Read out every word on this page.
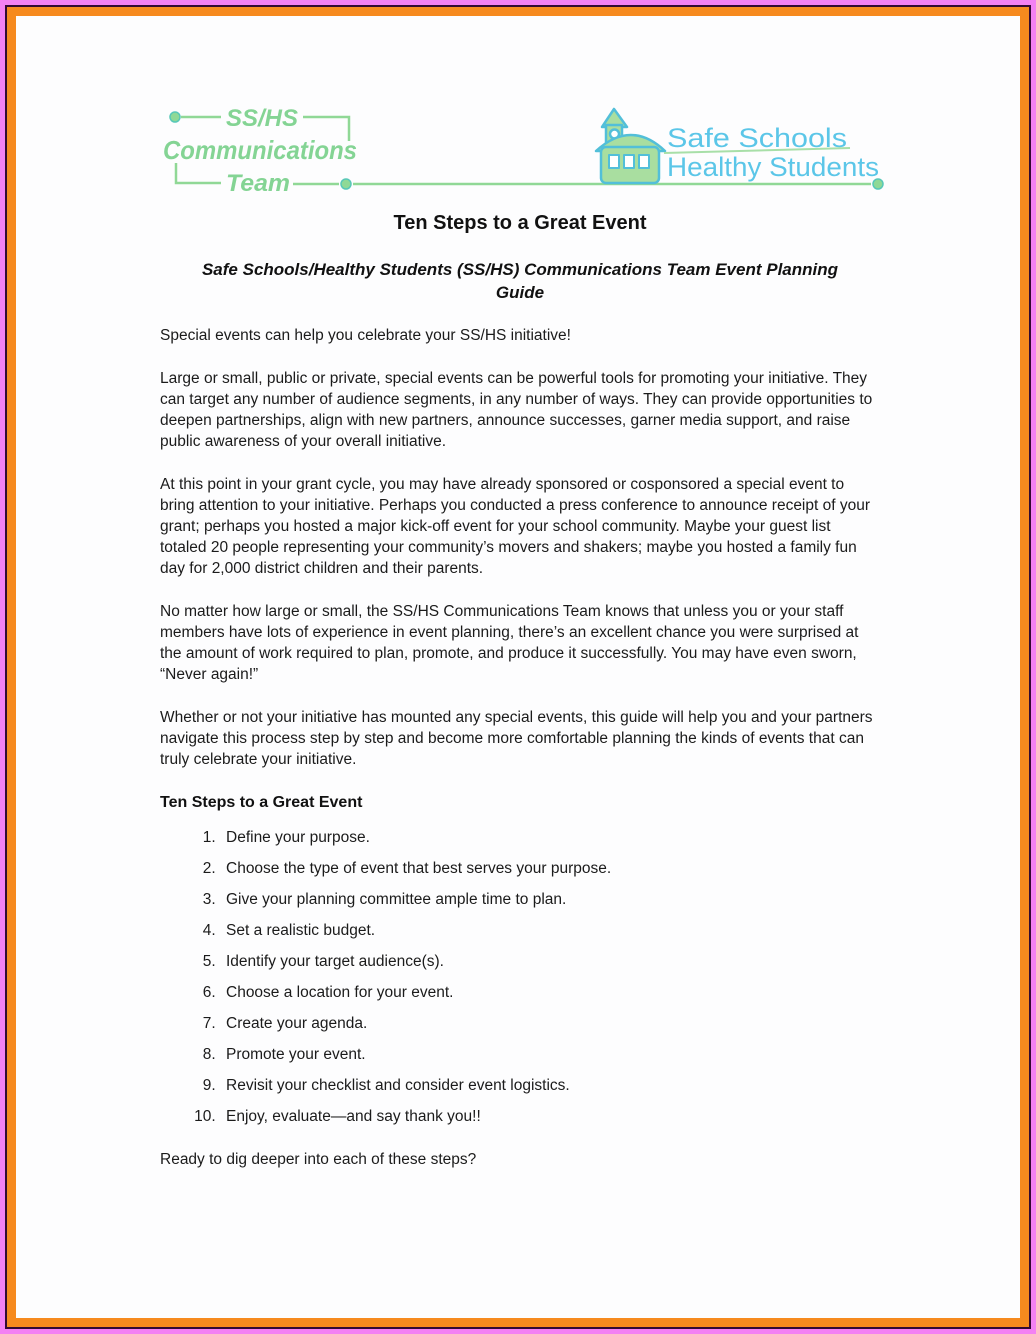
SS/HS
Communications
Team
Safe Schools
Healthy Students
Ten Steps to a Great Event
Safe Schools/Healthy Students (SS/HS) Communications Team Event Planning Guide

Special events can help you celebrate your SS/HS initiative!

Large or small, public or private, special events can be powerful tools for promoting your initiative. They can target any number of audience segments, in any number of ways. They can provide opportunities to deepen partnerships, align with new partners, announce successes, garner media support, and raise public awareness of your overall initiative.

At this point in your grant cycle, you may have already sponsored or cosponsored a special event to bring attention to your initiative. Perhaps you conducted a press conference to announce receipt of your grant; perhaps you hosted a major kick-off event for your school community. Maybe your guest list totaled 20 people representing your community’s movers and shakers; maybe you hosted a family fun day for 2,000 district children and their parents.

No matter how large or small, the SS/HS Communications Team knows that unless you or your staff members have lots of experience in event planning, there’s an excellent chance you were surprised at the amount of work required to plan, promote, and produce it successfully. You may have even sworn, “Never again!”

Whether or not your initiative has mounted any special events, this guide will help you and your partners navigate this process step by step and become more comfortable planning the kinds of events that can truly celebrate your initiative.

Ten Steps to a Great Event
1. Define your purpose.
2. Choose the type of event that best serves your purpose.
3. Give your planning committee ample time to plan.
4. Set a realistic budget.
5. Identify your target audience(s).
6. Choose a location for your event.
7. Create your agenda.
8. Promote your event.
9. Revisit your checklist and consider event logistics.
10. Enjoy, evaluate—and say thank you!!

Ready to dig deeper into each of these steps?
